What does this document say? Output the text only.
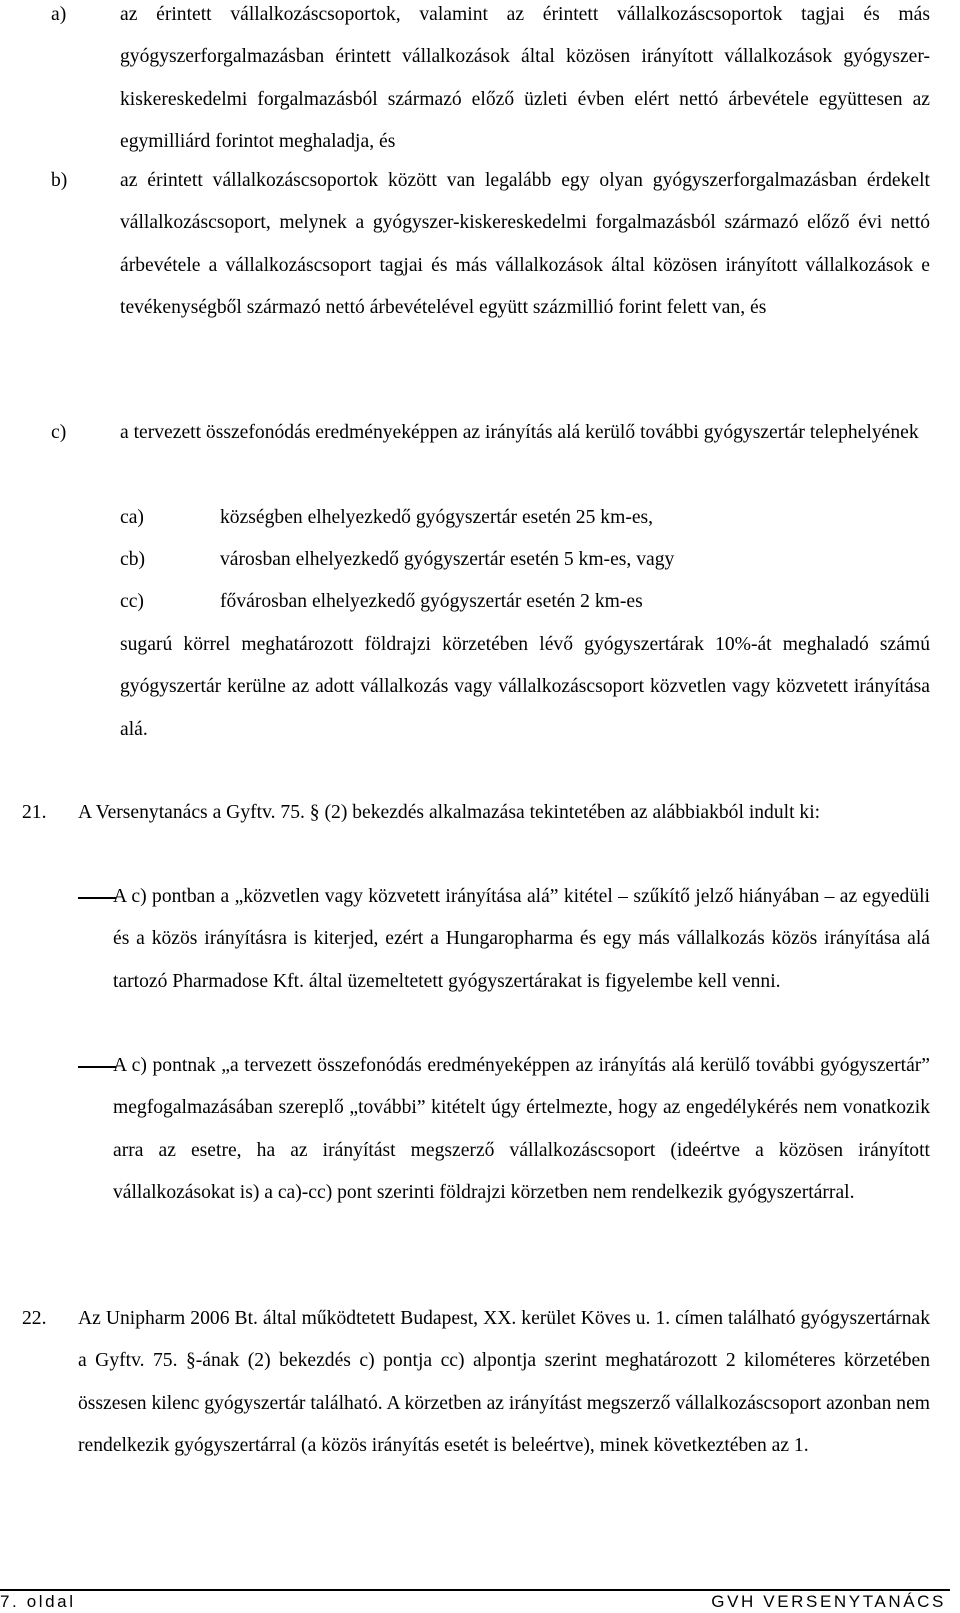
a)	az érintett vállalkozáscsoportok, valamint az érintett vállalkozáscsoportok tagjai és más gyógyszerforgalmazásban érintett vállalkozások által közösen irányított vállalkozások gyógyszer-kiskereskedelmi forgalmazásból származó előző üzleti évben elért nettó árbevétele együttesen az egymilliárd forintot meghaladja, és
b)	az érintett vállalkozáscsoportok között van legalább egy olyan gyógyszerforgalmazásban érdekelt vállalkozáscsoport, melynek a gyógyszer-kiskereskedelmi forgalmazásból származó előző évi nettó árbevétele a vállalkozáscsoport tagjai és más vállalkozások által közösen irányított vállalkozások e tevékenységből származó nettó árbevételével együtt százmillió forint felett van, és
c)	a tervezett összefonódás eredményeképpen az irányítás alá kerülő további gyógyszertár telephelyének
ca)	községben elhelyezkedő gyógyszertár esetén 25 km-es,
cb)	városban elhelyezkedő gyógyszertár esetén 5 km-es, vagy
cc)	fővárosban elhelyezkedő gyógyszertár esetén 2 km-es
sugarú körrel meghatározott földrajzi körzetében lévő gyógyszertárak 10%-át meghaladó számú gyógyszertár kerülne az adott vállalkozás vagy vállalkozáscsoport közvetlen vagy közvetett irányítása alá.
21.	A Versenytanács a Gyftv. 75. § (2) bekezdés alkalmazása tekintetében az alábbiakból indult ki:
A c) pontban a „közvetlen vagy közvetett irányítása alá” kitétel – szűkítő jelző hiányában – az egyedüli és a közös irányításra is kiterjed, ezért a Hungaropharma és egy más vállalkozás közös irányítása alá tartozó Pharmadose Kft. által üzemeltetett gyógyszertárakat is figyelembe kell venni.
A c) pontnak „a tervezett összefonódás eredményeképpen az irányítás alá kerülő további gyógyszertár” megfogalmazásában szereplő „további” kitételt úgy értelmezte, hogy az engedélykérés nem vonatkozik arra az esetre, ha az irányítást megszerző vállalkozáscsoport (ideértve a közösen irányított vállalkozásokat is) a ca)-cc) pont szerinti földrajzi körzetben nem rendelkezik gyógyszertárral.
22. Az Unipharm 2006 Bt. által működtetett Budapest, XX. kerület Köves u. 1. címen található gyógyszertárnak a Gyftv. 75. §-ának (2) bekezdés c) pontja cc) alpontja szerint meghatározott 2 kilométeres körzetében összesen kilenc gyógyszertár található. A körzetben az irányítást megszerző vállalkozáscsoport azonban nem rendelkezik gyógyszertárral (a közös irányítás esetét is beleértve), minek következtében az 1.
7. oldal	GVH VERSENYTANÁCS
